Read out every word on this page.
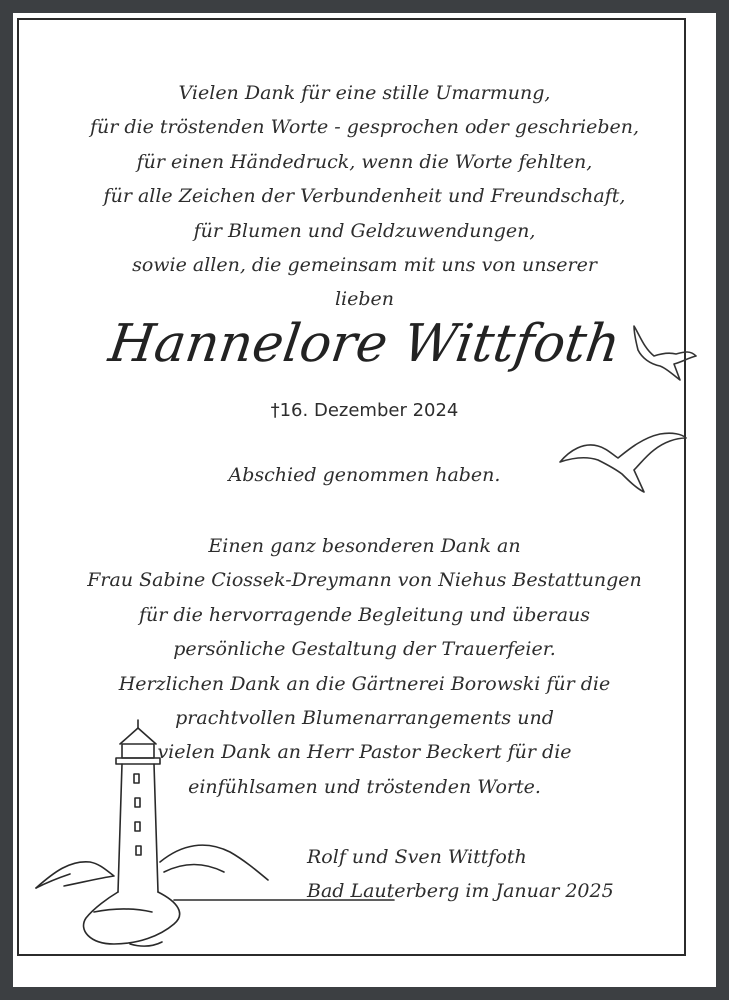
Vielen Dank für eine stille Umarmung,
für die tröstenden Worte - gesprochen oder geschrieben,
für einen Händedruck, wenn die Worte fehlten,
für alle Zeichen der Verbundenheit und Freundschaft,
für Blumen und Geldzuwendungen,
sowie allen, die gemeinsam mit uns von unserer
lieben
Hannelore Wittfoth
†16. Dezember 2024
Abschied genommen haben.
Einen ganz besonderen Dank an
Frau Sabine Ciossek-Dreymann von Niehus Bestattungen
für die hervorragende Begleitung und überaus
persönliche Gestaltung der Trauerfeier.
Herzlichen Dank an die Gärtnerei Borowski für die
prachtvollen Blumenarrangements und
vielen Dank an Herr Pastor Beckert für die
einfühlsamen und tröstenden Worte.
Rolf und Sven Wittfoth
Bad Lauterberg im Januar 2025
